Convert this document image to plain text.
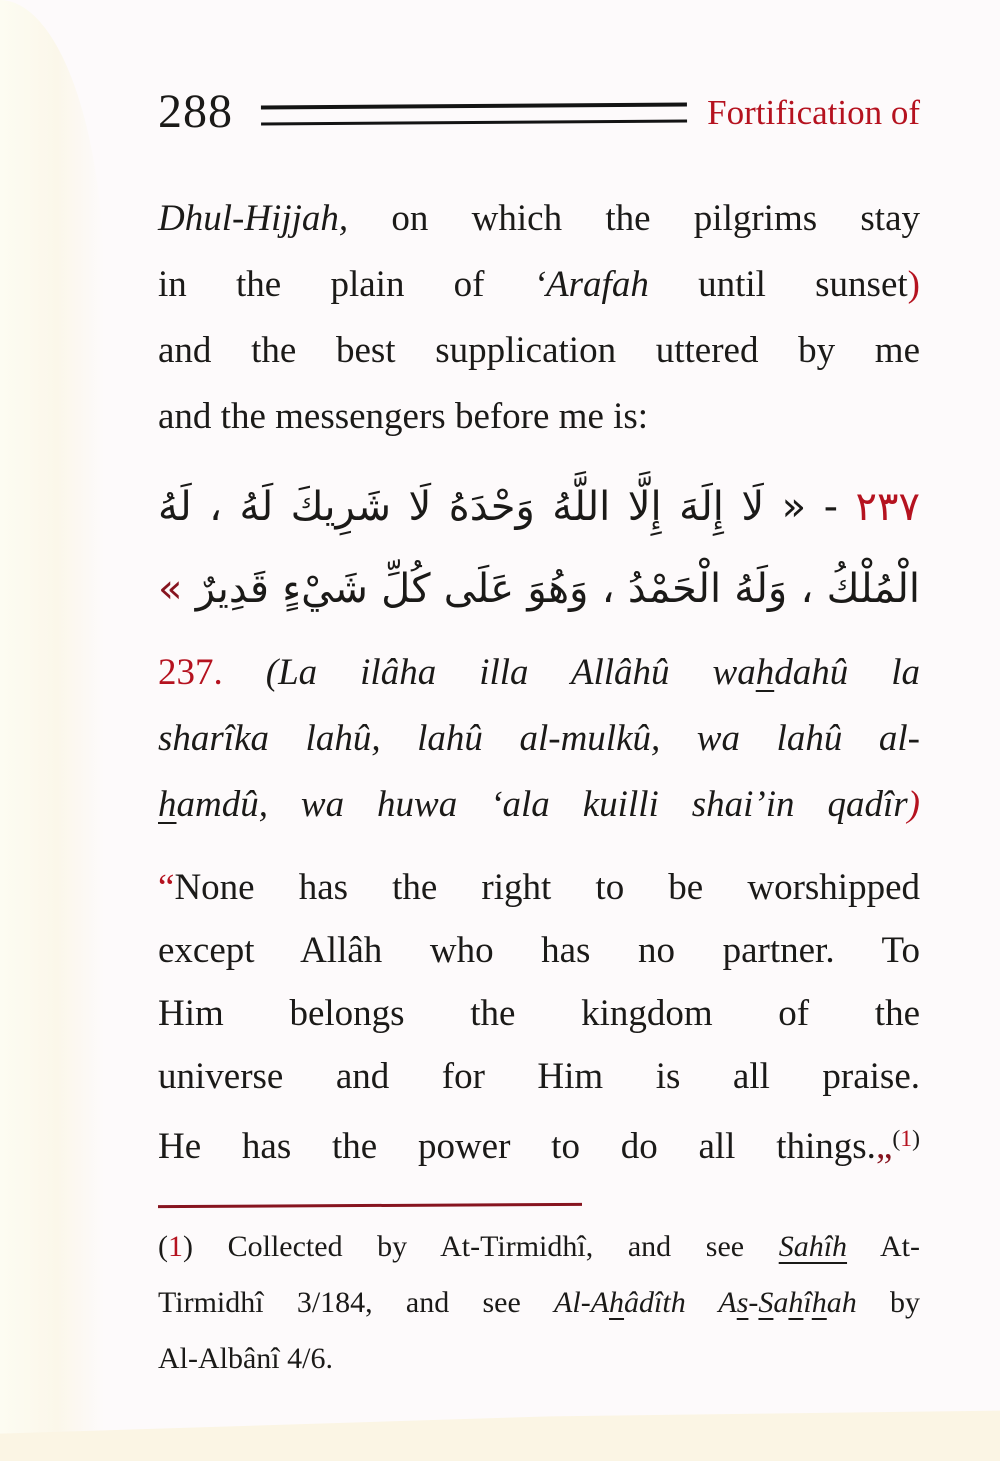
288	Fortification of
Dhul-Hijjah, on which the pilgrims stay
in the plain of ‘Arafah until sunset)
and the best supplication uttered by me
and the messengers before me is:
٢٣٧ - « لَا إِلَهَ إِلَّا اللَّهُ وَحْدَهُ لَا شَرِيكَ لَهُ ، لَهُ
الْمُلْكُ ، وَلَهُ الْحَمْدُ ، وَهُوَ عَلَى كُلِّ شَيْءٍ قَدِيرٌ »
237. (La ilâha illa Allâhû wahdahû la
sharîka lahû, lahû al-mulkû, wa lahû al-
hamdû, wa huwa ‘ala kuilli shai’in qadîr)
“None has the right to be worshipped
except Allâh who has no partner. To
Him belongs the kingdom of the
universe and for Him is all praise.
He has the power to do all things.„$^{(1)}$
(1) Collected by At-Tirmidhî, and see Sahîh At-
Tirmidhî 3/184, and see Al-Ahâdîth As-Sahîhah by
Al-Albânî 4/6.
